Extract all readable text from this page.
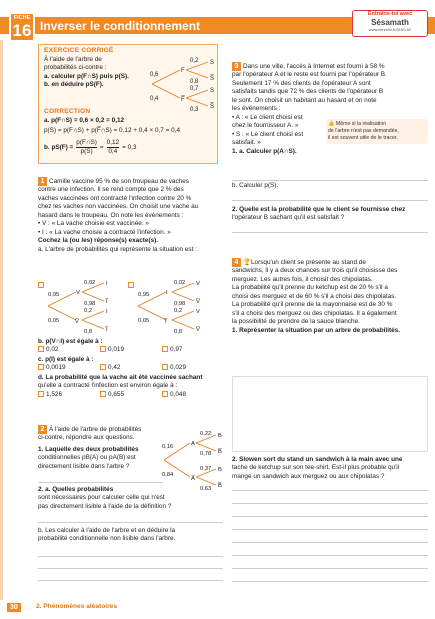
FICHE
16 Inverser le conditionnement
Entraîne-toi avec
Sésamath
www.lienmini.fr/3190-82
EXERCICE CORRIGÉ
À l'aide de l'arbre de
probabilités ci-contre :
a. calculer p(F∩S) puis p(S).
b. en déduire pS(F).
CORRECTION
a. p(F∩S) = 0,6 × 0,2 = 0,12
p(S) = p(F∩S) + p(F̅∩S) = 0,12 + 0,4 × 0,7 = 0,4
b. $pS(F) = \frac{p(F\cap S)}{p(S)} = \frac{0,12}{0,4} = 0,3$
0,6
0,4
F
F̅
S
S̅
S
S̅
0,2
0,8
0,7
0,3
1 Camille vaccine 95 % de son troupeau de vaches
contre une infection. Il se rend compte que 2 % des
vaches vaccinées ont contracté l'infection contre 20 %
chez les vaches non vaccinées. On choisit une vache au
hasard dans le troupeau. On note les événements :
• V : « La vache choisie est vaccinée. »
• I : « La vache choisie a contracté l'infection. »
Cochez la (ou les) réponse(s) exacte(s).
a. L'arbre de probabilités qui représente la situation est :
0,95
0,05
V
V̅
I
I̅
I
I̅
0,02
0,98
0,2
0,8
0,95
0,05
I
I̅
V
V̅
V
V̅
0,02
0,98
0,2
0,8
b. p(V∩I) est égale à :
0,02	0,019	0,97
c. p(I) est égale à :
0,0019	0,42	0,029
d. La probabilité que la vache ait été vaccinée sachant
qu'elle a contracté l'infection est environ égale à :
1,526	0,655	0,048
2 À l'aide de l'arbre de probabilités
ci-contre, répondre aux questions.
1. Laquelle des deux probabilités
conditionnelles pB(A) ou pA(B) est
directement lisible dans l'arbre ?
2. a. Quelles probabilités
sont nécessaires pour calculer celle qui n'est
pas directement lisible à l'aide de la définition ?
b. Les calculer à l'aide de l'arbre et en déduire la
probabilité conditionnelle non lisible dans l'arbre.
0,16
0,84
A
A̅
B
B̅
B
B̅
0,22
0,78
0,37
0,63
3 Dans une ville, l'accès à Internet est fourni à 58 %
par l'opérateur A et le reste est fourni par l'opérateur B.
Seulement 17 % des clients de l'opérateur A sont
satisfaits tandis que 72 % des clients de l'opérateur B
le sont. On choisit un habitant au hasard et on note
les événements :
• A : « Le client choisi est
chez le fournisseur A. »
• S : « Le client choisi est
satisfait. »
1. a. Calculer p(A∩S).
👍 Même si la réalisation
de l'arbre n'est pas demandée,
il est souvent utile de le tracer.
b. Calculer p(S).
2. Quelle est la probabilité que le client se fournisse chez
l'opérateur B sachant qu'il est satisfait ?
4 🏆Lorsqu'un client se présente au stand de
sandwichs, il y a deux chances sur trois qu'il choisisse des
merguez. Les autres fois, il choisit des chipolatas.
La probabilité qu'il prenne du ketchup est de 20 % s'il a
choisi des merguez et de 60 % s'il a choisi des chipolatas.
La probabilité qu'il prenne de la mayonnaise est de 30 %
s'il a choisi des merguez ou des chipolatas. Il a également
la possibilité de prendre de la sauce blanche.
1. Représenter la situation par un arbre de probabilités.
2. Slowen sort du stand un sandwich à la main avec une
tache de ketchup sur son tee-shirt. Est-il plus probable qu'il
mange un sandwich aux merguez ou aux chipolatas ?
30	2. Phénomènes aléatoires
